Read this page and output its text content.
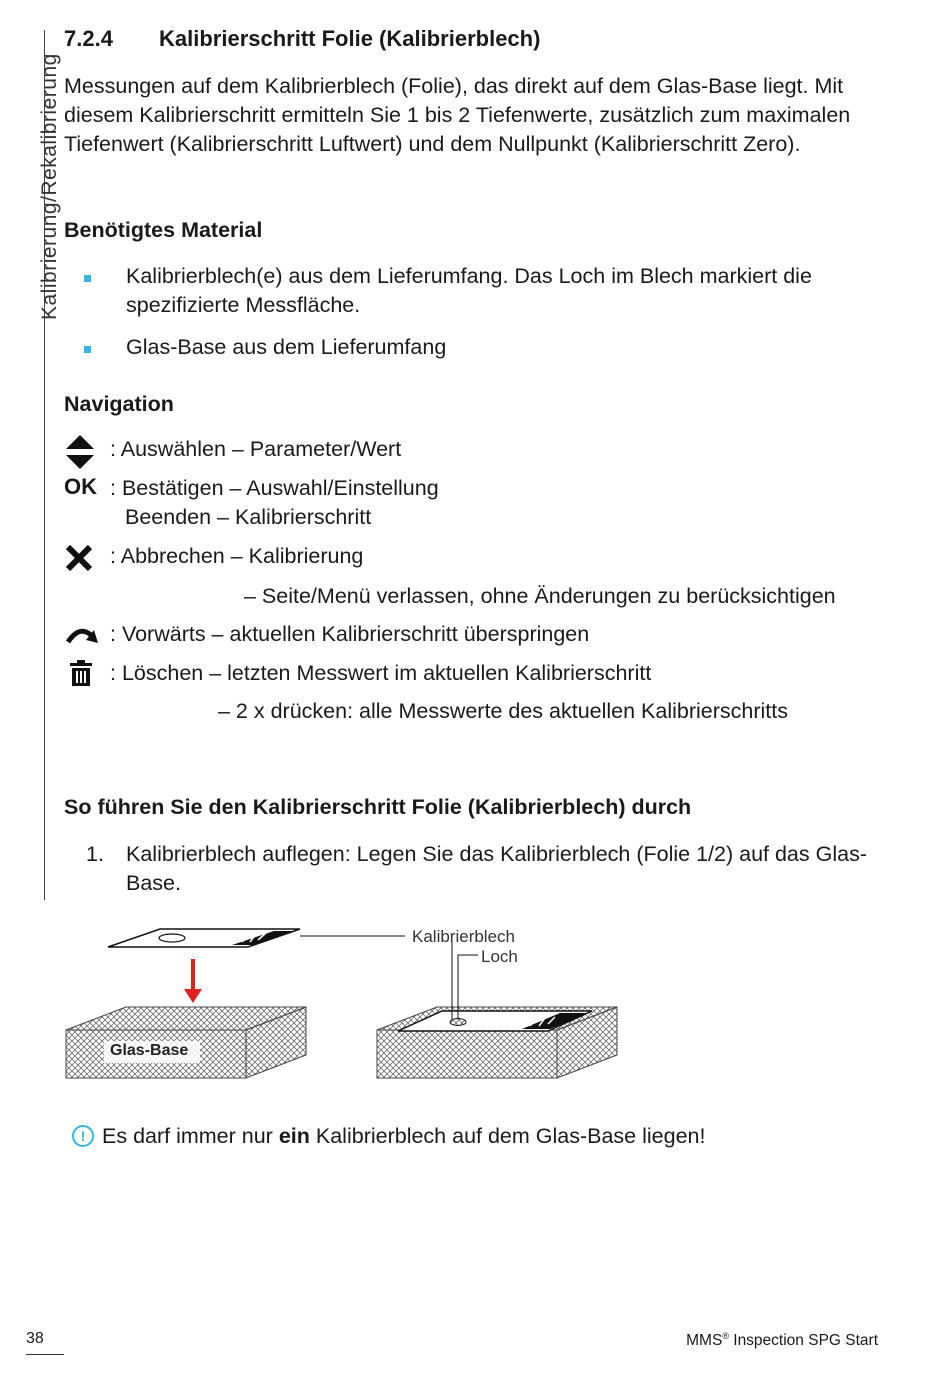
Kalibrierung/Rekalibrierung
7.2.4 Kalibrierschritt Folie (Kalibrierblech)

Messungen auf dem Kalibrierblech (Folie), das direkt auf dem Glas-Base liegt. Mit diesem Kalibrierschritt ermitteln Sie 1 bis 2 Tiefenwerte, zusätzlich zum maximalen Tiefenwert (Kalibrierschritt Luftwert) und dem Nullpunkt (Kalibrierschritt Zero).

Benötigtes Material
Kalibrierblech(e) aus dem Lieferumfang. Das Loch im Blech markiert die spezifizierte Messfläche.
Glas-Base aus dem Lieferumfang
Navigation
OK
: Auswählen – Parameter/Wert
: Bestätigen – Auswahl/Einstellung
Beenden – Kalibrierschritt
: Abbrechen – Kalibrierung
– Seite/Menü verlassen, ohne Änderungen zu berücksichtigen
: Vorwärts – aktuellen Kalibrierschritt überspringen
: Löschen – letzten Messwert im aktuellen Kalibrierschritt
– 2 x drücken: alle Messwerte des aktuellen Kalibrierschritts
So führen Sie den Kalibrierschritt Folie (Kalibrierblech) durch
1.	Kalibrierblech auflegen: Legen Sie das Kalibrierblech (Folie 1/2) auf das Glas-Base.
Kalibrierblech
Loch
Glas-Base
! Es darf immer nur ein Kalibrierblech auf dem Glas-Base liegen!
38	MMS® Inspection SPG Start
